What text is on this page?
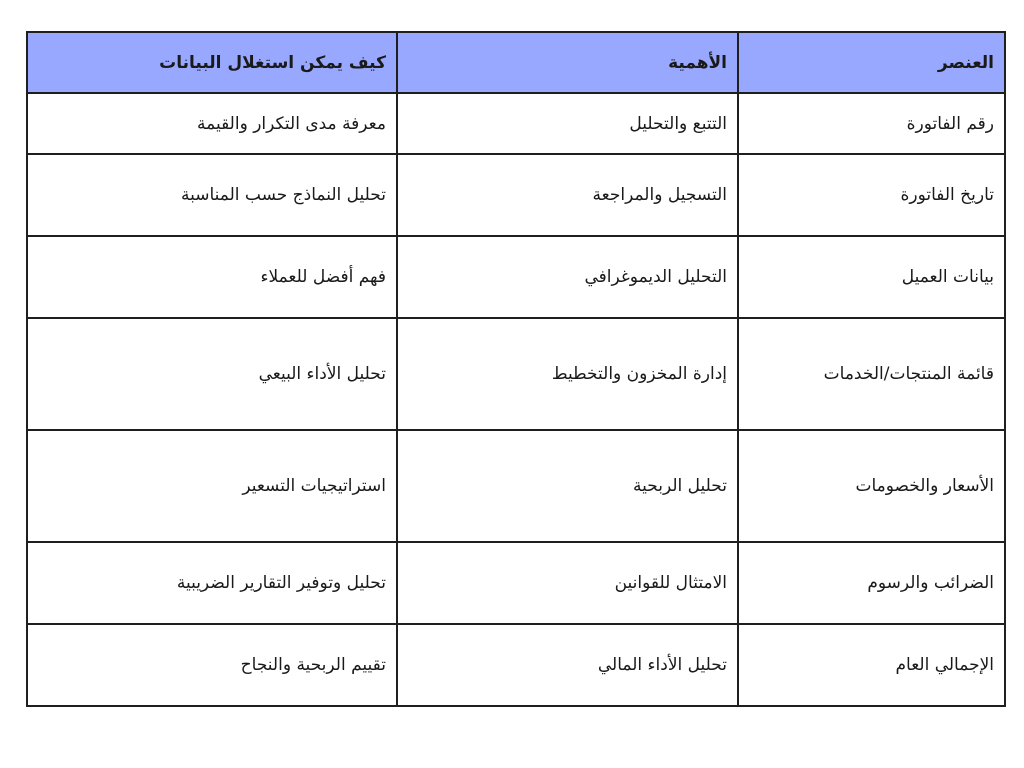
العنصر	الأهمية	كيف يمكن استغلال البيانات
رقم الفاتورة	التتبع والتحليل	معرفة مدى التكرار والقيمة
تاريخ الفاتورة	التسجيل والمراجعة	تحليل النماذج حسب المناسبة
بيانات العميل	التحليل الديموغرافي	فهم أفضل للعملاء
قائمة المنتجات/الخدمات	إدارة المخزون والتخطيط	تحليل الأداء البيعي
الأسعار والخصومات	تحليل الربحية	استراتيجيات التسعير
الضرائب والرسوم	الامتثال للقوانين	تحليل وتوفير التقارير الضريبية
الإجمالي العام	تحليل الأداء المالي	تقييم الربحية والنجاح
